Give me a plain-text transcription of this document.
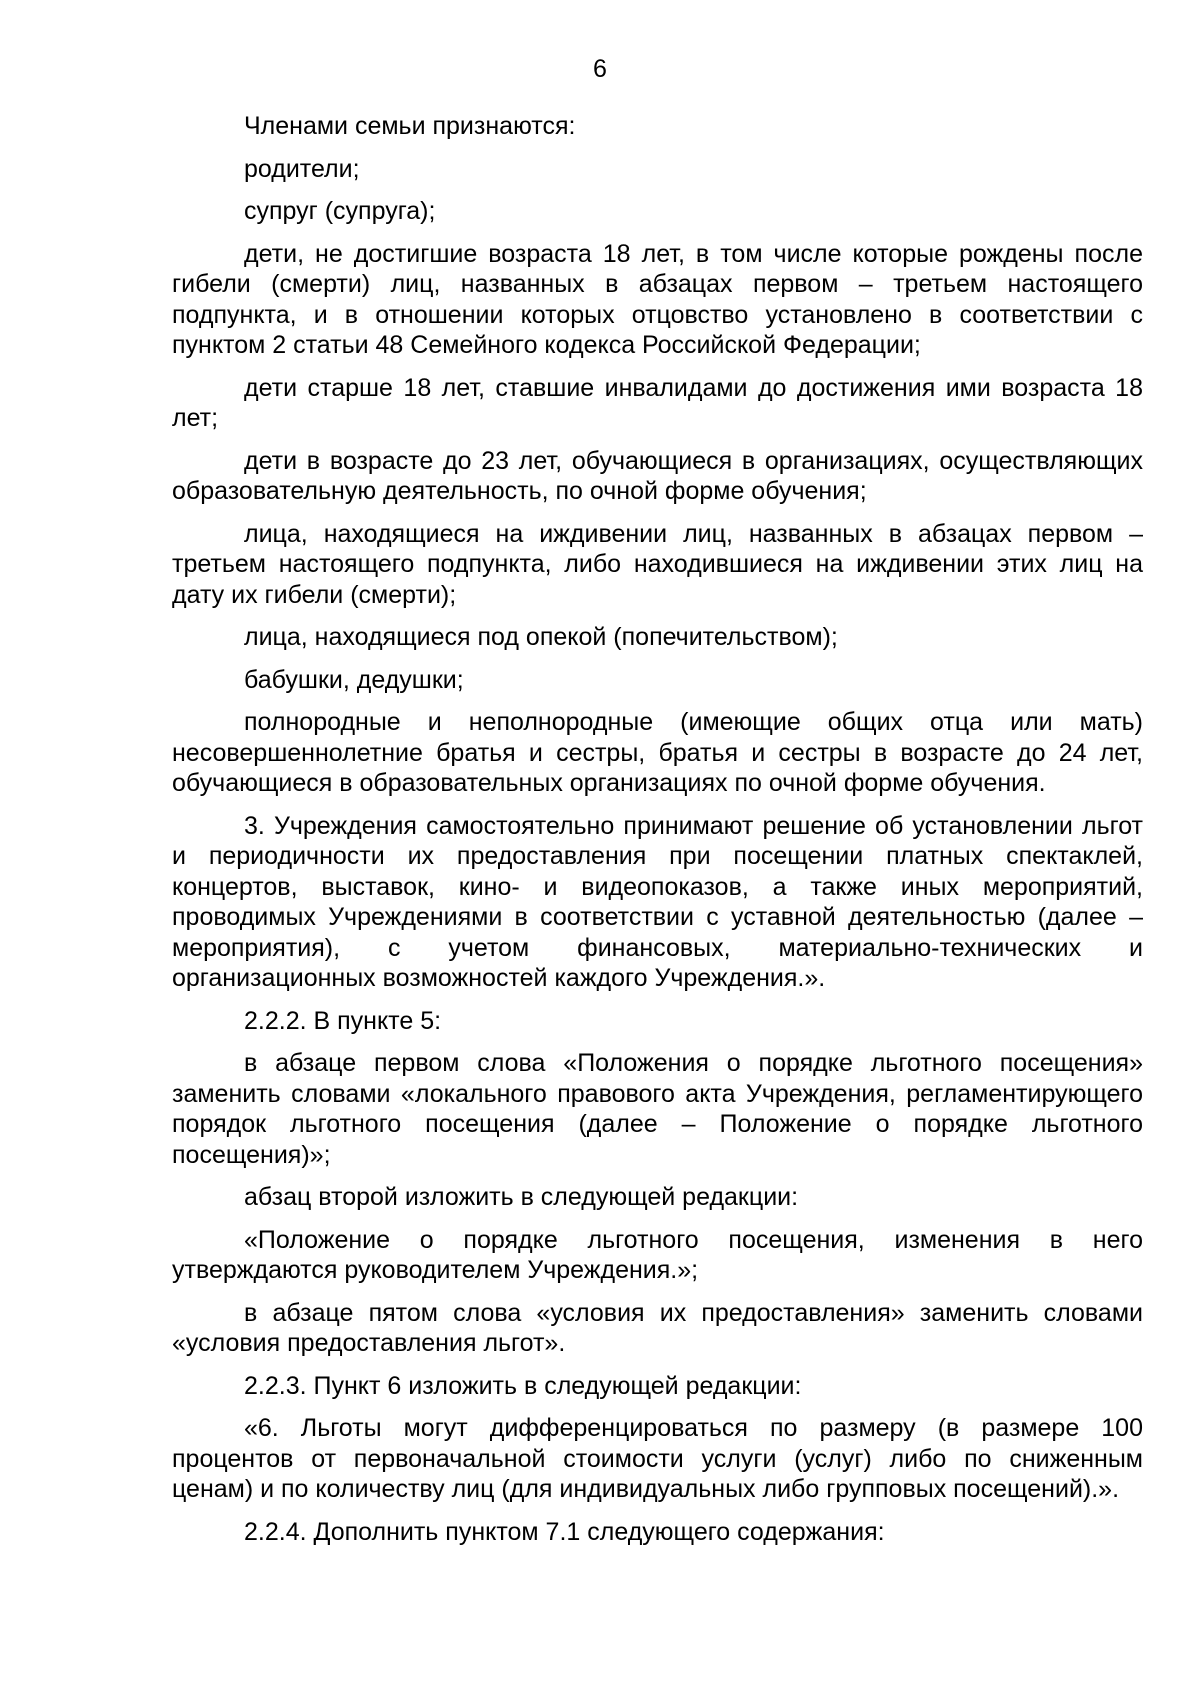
6

Членами семьи признаются:

родители;

супруг (супруга);

дети, не достигшие возраста 18 лет, в том числе которые рождены после гибели (смерти) лиц, названных в абзацах первом – третьем настоящего подпункта, и в отношении которых отцовство установлено в соответствии с пунктом 2 статьи 48 Семейного кодекса Российской Федерации;

дети старше 18 лет, ставшие инвалидами до достижения ими возраста 18 лет;

дети в возрасте до 23 лет, обучающиеся в организациях, осуществляющих образовательную деятельность, по очной форме обучения;

лица, находящиеся на иждивении лиц, названных в абзацах первом – третьем настоящего подпункта, либо находившиеся на иждивении этих лиц на дату их гибели (смерти);

лица, находящиеся под опекой (попечительством);

бабушки, дедушки;

полнородные и неполнородные (имеющие общих отца или мать) несовершеннолетние братья и сестры, братья и сестры в возрасте до 24 лет, обучающиеся в образовательных организациях по очной форме обучения.

3. Учреждения самостоятельно принимают решение об установлении льгот и периодичности их предоставления при посещении платных спектаклей, концертов, выставок, кино- и видеопоказов, а также иных мероприятий, проводимых Учреждениями в соответствии с уставной деятельностью (далее – мероприятия), с учетом финансовых, материально-технических и организационных возможностей каждого Учреждения.».

2.2.2. В пункте 5:

в абзаце первом слова «Положения о порядке льготного посещения» заменить словами «локального правового акта Учреждения, регламентирующего порядок льготного посещения (далее – Положение о порядке льготного посещения)»;

абзац второй изложить в следующей редакции:

«Положение о порядке льготного посещения, изменения в него утверждаются руководителем Учреждения.»;

в абзаце пятом слова «условия их предоставления» заменить словами «условия предоставления льгот».

2.2.3. Пункт 6 изложить в следующей редакции:

«6. Льготы могут дифференцироваться по размеру (в размере 100 процентов от первоначальной стоимости услуги (услуг) либо по сниженным ценам) и по количеству лиц (для индивидуальных либо групповых посещений).».

2.2.4. Дополнить пунктом 7.1 следующего содержания:
